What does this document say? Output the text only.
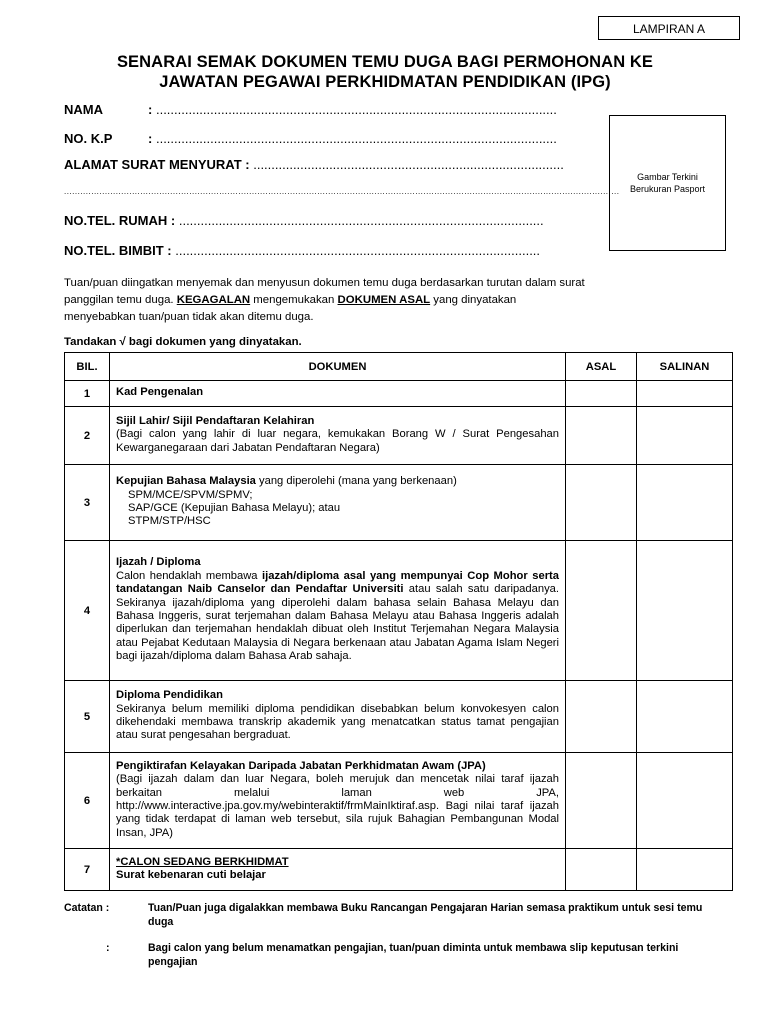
LAMPIRAN A
SENARAI SEMAK DOKUMEN TEMU DUGA BAGI PERMOHONAN KE
JAWATAN PEGAWAI PERKHIDMATAN PENDIDIKAN (IPG)
NAMA	: ...............................................................................................................
NO. K.P	: ...............................................................................................................
ALAMAT SURAT MENYURAT : ......................................................................................
............................................................................................................................................................................................................
NO.TEL. RUMAH : .....................................................................................................
NO.TEL. BIMBIT : .....................................................................................................
Gambar Terkini
Berukuran Pasport
Tuan/puan diingatkan menyemak dan menyusun dokumen temu duga berdasarkan turutan dalam surat panggilan temu duga. KEGAGALAN mengemukakan DOKUMEN ASAL yang dinyatakan menyebabkan tuan/puan tidak akan ditemu duga.
Tandakan √ bagi dokumen yang dinyatakan.
BIL.	DOKUMEN	ASAL	SALINAN
1	Kad Pengenalan		
2	Sijil Lahir/ Sijil Pendaftaran Kelahiran
(Bagi calon yang lahir di luar negara, kemukakan Borang W / Surat Pengesahan Kewarganegaraan dari Jabatan Pendaftaran Negara)		

3	Kepujian Bahasa Malaysia yang diperolehi (mana yang berkenaan)
SPM/MCE/SPVM/SPMV;
SAP/GCE (Kepujian Bahasa Melayu); atau
STPM/STP/HSC		

4	Ijazah / Diploma
Calon hendaklah membawa ijazah/diploma asal yang mempunyai Cop Mohor serta tandatangan Naib Canselor dan Pendaftar Universiti atau salah satu daripadanya. Sekiranya ijazah/diploma yang diperolehi dalam bahasa selain Bahasa Melayu dan Bahasa Inggeris, surat terjemahan dalam Bahasa Melayu atau Bahasa Inggeris adalah diperlukan dan terjemahan hendaklah dibuat oleh Institut Terjemahan Negara Malaysia atau Pejabat Kedutaan Malaysia di Negara berkenaan atau Jabatan Agama Islam Negeri bagi ijazah/diploma dalam Bahasa Arab sahaja.		

5	Diploma Pendidikan
Sekiranya belum memiliki diploma pendidikan disebabkan belum konvokesyen calon dikehendaki membawa transkrip akademik yang menatcatkan status tamat pengajian atau surat pengesahan bergraduat.		

6	Pengiktirafan Kelayakan Daripada Jabatan Perkhidmatan Awam (JPA)
(Bagi ijazah dalam dan luar Negara, boleh merujuk dan mencetak nilai taraf ijazah berkaitan melalui laman web JPA, http://www.interactive.jpa.gov.my/webinteraktif/frmMainIktiraf.asp. Bagi nilai taraf ijazah yang tidak terdapat di laman web tersebut, sila rujuk Bahagian Pembangunan Modal Insan, JPA)		

7	*CALON SEDANG BERKHIDMAT
Surat kebenaran cuti belajar		

Catatan :	Tuan/Puan juga digalakkan membawa Buku Rancangan Pengajaran Harian semasa praktikum untuk sesi temu duga
:	Bagi calon yang belum menamatkan pengajian, tuan/puan diminta untuk membawa slip keputusan terkini pengajian
